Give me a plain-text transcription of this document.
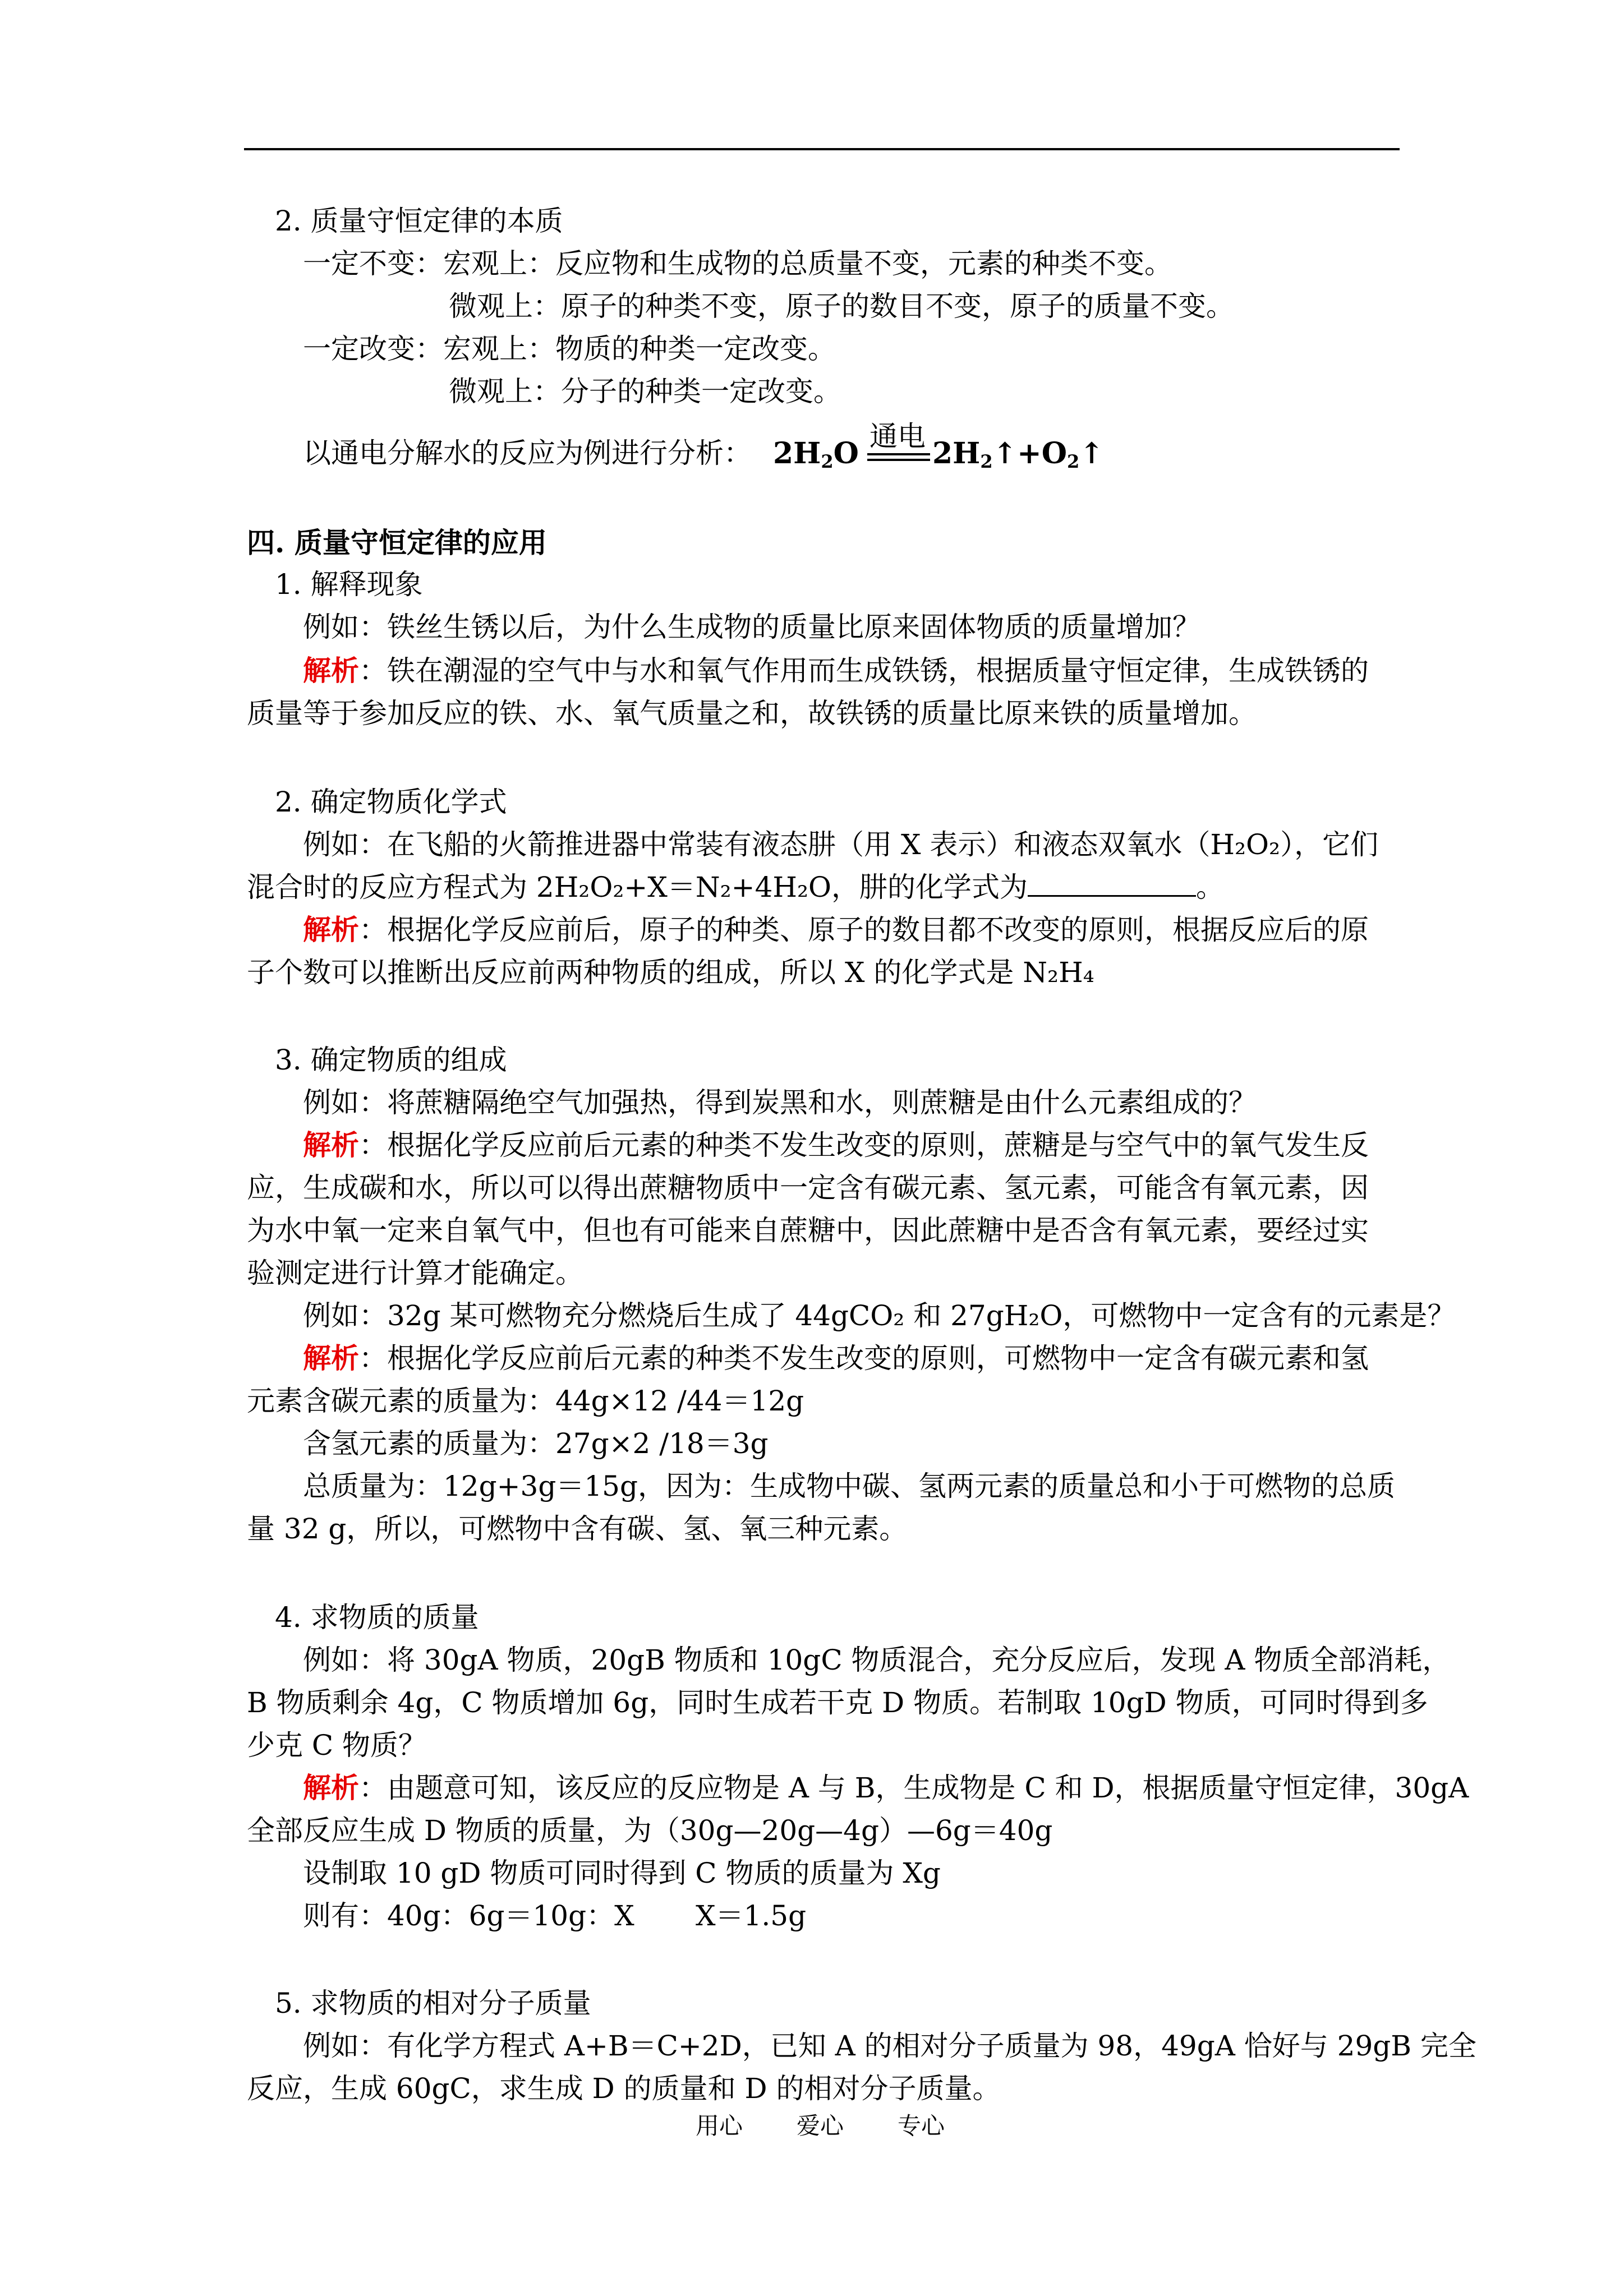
2. 质量守恒定律的本质
一定不变：宏观上：反应物和生成物的总质量不变，元素的种类不变。
微观上：原子的种类不变，原子的数目不变，原子的质量不变。
一定改变：宏观上：物质的种类一定改变。
微观上：分子的种类一定改变。
以通电分解水的反应为例进行分析：
通电
$2H_2O$	$2H_2↑+O_2↑$
四. 质量守恒定律的应用
1. 解释现象
例如：铁丝生锈以后，为什么生成物的质量比原来固体物质的质量增加？
解析：铁在潮湿的空气中与水和氧气作用而生成铁锈，根据质量守恒定律，生成铁锈的
质量等于参加反应的铁、水、氧气质量之和，故铁锈的质量比原来铁的质量增加。
2. 确定物质化学式
例如：在飞船的火箭推进器中常装有液态肼（用 X 表示）和液态双氧水（H₂O₂），它们
混合时的反应方程式为 2H₂O₂+X＝N₂+4H₂O，肼的化学式为	。
解析：根据化学反应前后，原子的种类、原子的数目都不改变的原则，根据反应后的原
子个数可以推断出反应前两种物质的组成，所以 X 的化学式是 N₂H₄
3. 确定物质的组成
例如：将蔗糖隔绝空气加强热，得到炭黑和水，则蔗糖是由什么元素组成的？
解析：根据化学反应前后元素的种类不发生改变的原则，蔗糖是与空气中的氧气发生反
应，生成碳和水，所以可以得出蔗糖物质中一定含有碳元素、氢元素，可能含有氧元素，因
为水中氧一定来自氧气中，但也有可能来自蔗糖中，因此蔗糖中是否含有氧元素，要经过实
验测定进行计算才能确定。
例如：32g 某可燃物充分燃烧后生成了 44gCO₂ 和 27gH₂O，可燃物中一定含有的元素是？
解析：根据化学反应前后元素的种类不发生改变的原则，可燃物中一定含有碳元素和氢
元素含碳元素的质量为：44g×12 /44＝12g
含氢元素的质量为：27g×2 /18＝3g
总质量为：12g+3g＝15g，因为：生成物中碳、氢两元素的质量总和小于可燃物的总质
量 32 g，所以，可燃物中含有碳、氢、氧三种元素。
4. 求物质的质量
例如：将 30gA 物质，20gB 物质和 10gC 物质混合，充分反应后，发现 A 物质全部消耗，
B 物质剩余 4g，C 物质增加 6g，同时生成若干克 D 物质。若制取 10gD 物质，可同时得到多
少克 C 物质？
解析：由题意可知，该反应的反应物是 A 与 B，生成物是 C 和 D，根据质量守恒定律，30gA
全部反应生成 D 物质的质量，为（30g—20g—4g）—6g＝40g
设制取 10 gD 物质可同时得到 C 物质的质量为 Xg
则有：40g：6g＝10g：X X＝1.5g
5. 求物质的相对分子质量
例如：有化学方程式 A+B＝C+2D，已知 A 的相对分子质量为 98，49gA 恰好与 29gB 完全
反应，生成 60gC，求生成 D 的质量和 D 的相对分子质量。
用心 爱心 专心
